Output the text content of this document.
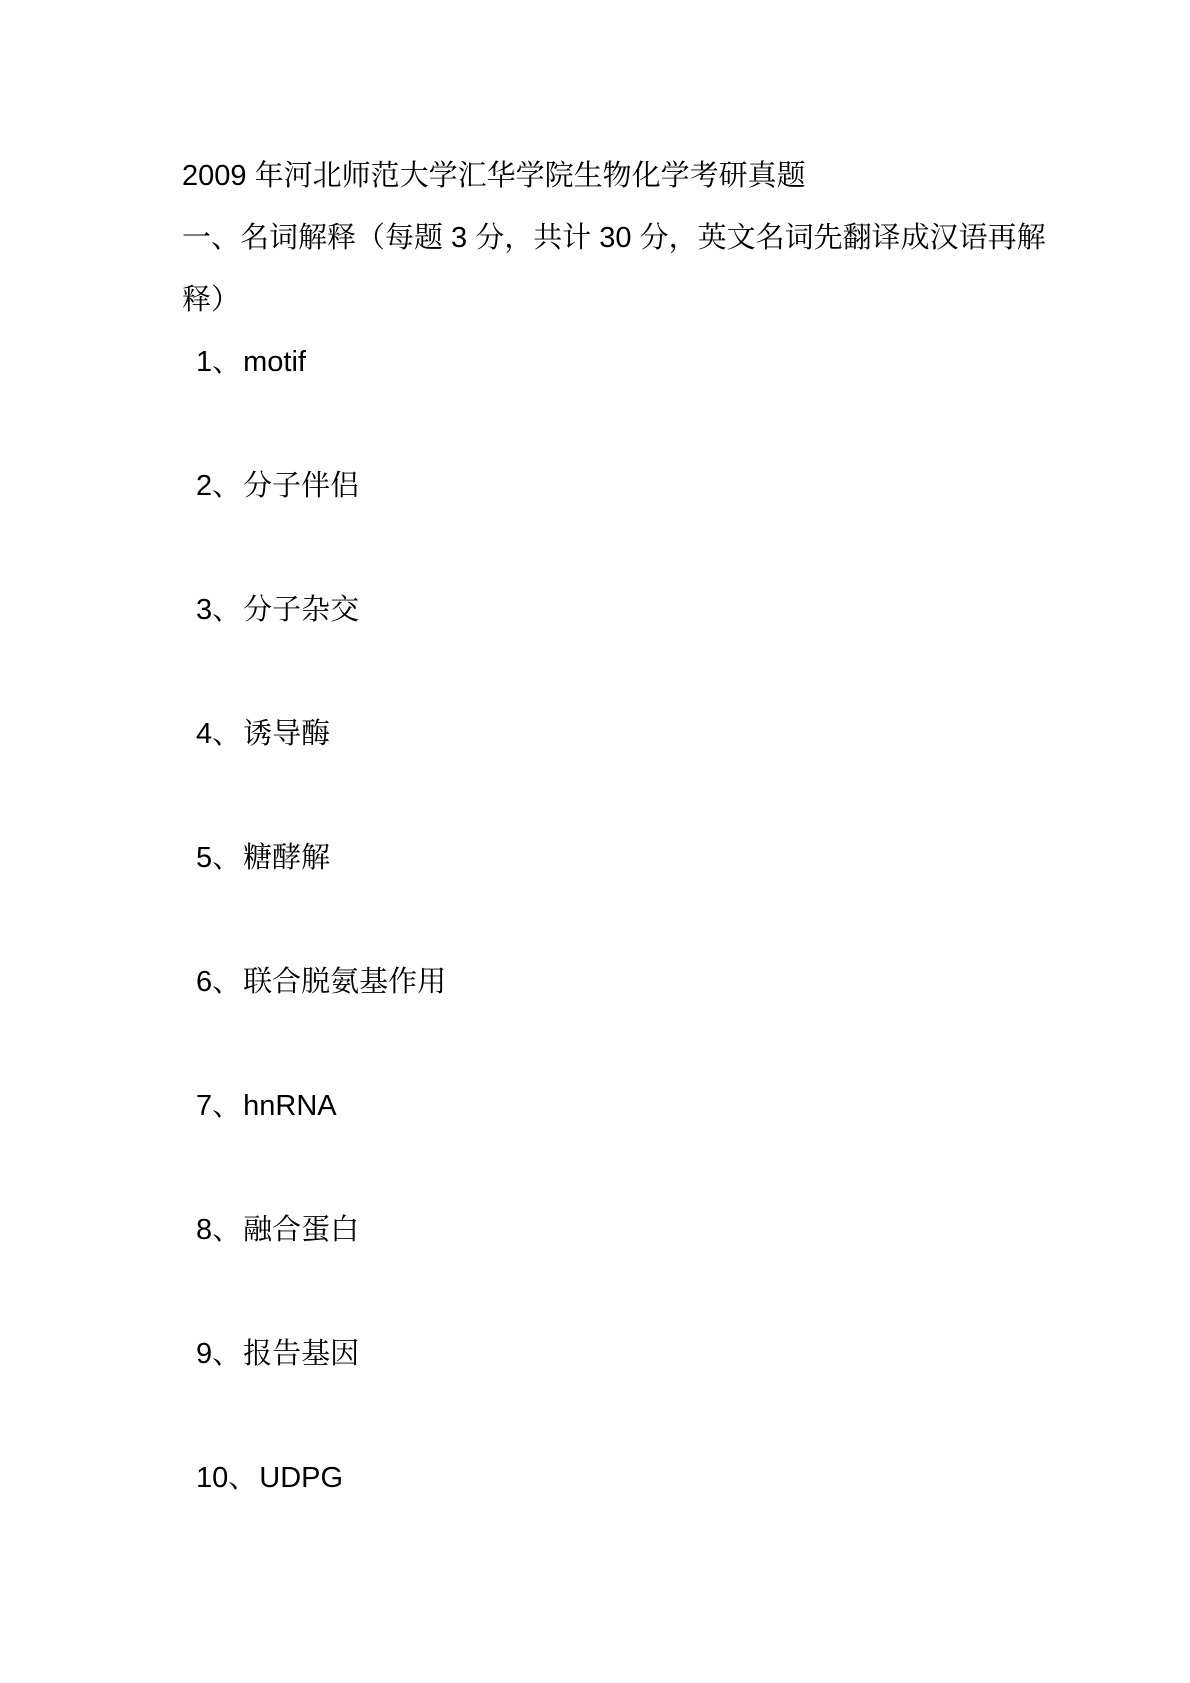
2009 年河北师范大学汇华学院生物化学考研真题
一、名词解释（每题 3 分，共计 30 分，英文名词先翻译成汉语再解
释）
1、motif
2、分子伴侣
3、分子杂交
4、诱导酶
5、糖酵解
6、联合脱氨基作用
7、hnRNA
8、融合蛋白
9、报告基因
10、UDPG
